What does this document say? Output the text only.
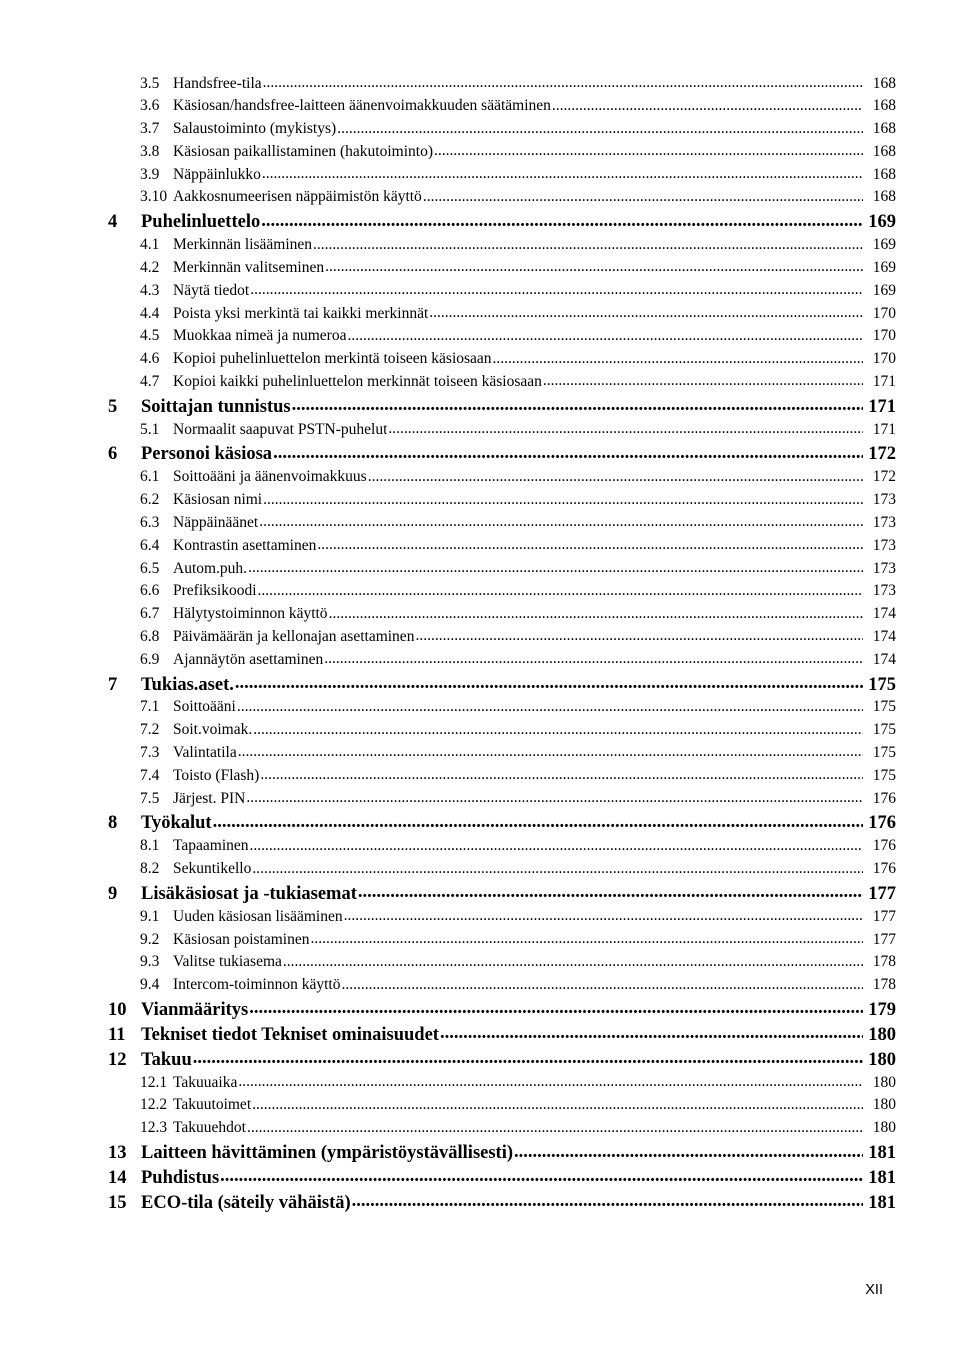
3.5 Handsfree-tila .....	168
3.6 Käsiosan/handsfree-laitteen äänenvoimakkuuden säätäminen .....	168
3.7 Salaustoiminto (mykistys) .....	168
3.8 Käsiosan paikallistaminen (hakutoiminto) .....	168
3.9 Näppäinlukko .....	168
3.10 Aakkosnumeerisen näppäimistön käyttö .....	168
4	Puhelinluettelo .....	169
4.1 Merkinnän lisääminen .....	169
4.2 Merkinnän valitseminen .....	169
4.3 Näytä tiedot .....	169
4.4 Poista yksi merkintä tai kaikki merkinnät .....	170
4.5 Muokkaa nimeä ja numeroa .....	170
4.6 Kopioi puhelinluettelon merkintä toiseen käsiosaan .....	170
4.7 Kopioi kaikki puhelinluettelon merkinnät toiseen käsiosaan .....	171
5	Soittajan tunnistus .....	171
5.1 Normaalit saapuvat PSTN-puhelut .....	171
6	Personoi käsiosa .....	172
6.1 Soittoääni ja äänenvoimakkuus .....	172
6.2 Käsiosan nimi .....	173
6.3 Näppäinäänet .....	173
6.4 Kontrastin asettaminen .....	173
6.5 Autom.puh. .....	173
6.6 Prefiksikoodi .....	173
6.7 Hälytystoiminnon käyttö .....	174
6.8 Päivämäärän ja kellonajan asettaminen .....	174
6.9 Ajannäytön asettaminen .....	174
7	Tukias.aset. .....	175
7.1 Soittoääni .....	175
7.2 Soit.voimak. .....	175
7.3 Valintatila .....	175
7.4 Toisto (Flash) .....	175
7.5 Järjest. PIN .....	176
8	Työkalut .....	176
8.1 Tapaaminen .....	176
8.2 Sekuntikello .....	176
9	Lisäkäsiosat ja -tukiasemat .....	177
9.1 Uuden käsiosan lisääminen .....	177
9.2 Käsiosan poistaminen .....	177
9.3 Valitse tukiasema .....	178
9.4 Intercom-toiminnon käyttö .....	178
10 Vianmääritys .....	179
11 Tekniset tiedot Tekniset ominaisuudet .....	180
12 Takuu .....	180
12.1 Takuuaika .....	180
12.2 Takuutoimet .....	180
12.3 Takuuehdot .....	180
13 Laitteen hävittäminen (ympäristöystävällisesti) .....	181
14 Puhdistus .....	181
15 ECO-tila (säteily vähäistä) .....	181
XII
